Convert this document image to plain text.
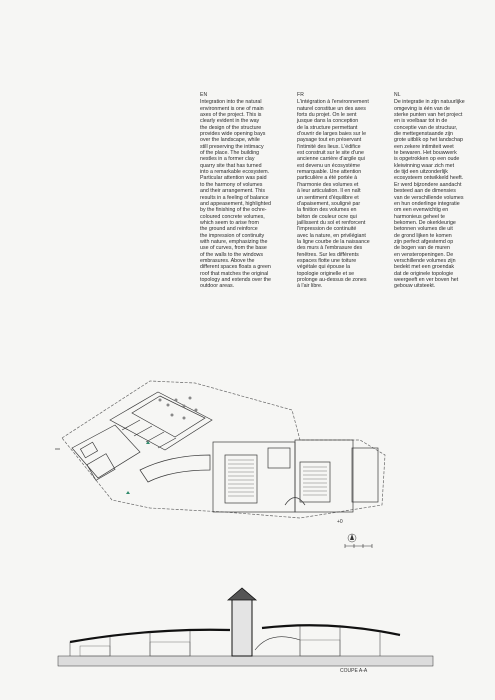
EN

Integration into the natural
environment is one of main
axes of the project. This is
clearly evident in the way
the design of the structure
provides wide opening bays
over the landscape, while
still preserving the intimacy
of the place. The building
nestles in a former clay
quarry site that has turned
into a remarkable ecosystem.
Particular attention was paid
to the harmony of volumes
and their arrangement. This
results in a feeling of balance
and appeasement, highlighted
by the finishing of the ochre-
coloured concrete volumes,
which seem to arise from
the ground and reinforce
the impression of continuity
with nature, emphasizing the
use of curves, from the base
of the walls to the windows
embrasures. Above the
different spaces floats a green
roof that matches the original
topology and extends over the
outdoor areas.

FR

L'intégration à l'environnement
naturel constitue un des axes
forts du projet. On le sent
jusque dans la conception
de la structure permettant
d'ouvrir de larges baies sur le
paysage tout en préservant
l'intimité des lieux. L'édifice
est construit sur le site d'une
ancienne carrière d'argile qui
est devenu un écosystème
remarquable. Une attention
particulière a été portée à
l'harmonie des volumes et
à leur articulation. Il en naît
un sentiment d'équilibre et
d'apaisement, souligné par
la finition des volumes en
béton de couleur ocre qui
jaillissent du sol et renforcent
l'impression de continuité
avec la nature, en privilégiant
la ligne courbe de la naissance
des murs à l'embrasure des
fenêtres. Sur les différents
espaces flotte une toiture
végétale qui épouse la
topologie originelle et se
prolonge au-dessus de zones
à l'air libre.

NL

De integratie in zijn natuurlijke
omgeving is één van de
sterke punten van het project
en is voelbaar tot in de
conceptie van de structuur,
die mettegenstaande zijn
grote uitblik op het landschap
een zekere intimiteit weet
te bewaren. Het bouwwerk
is opgetrokken op een oude
kleiwinning waar zich met
de tijd een uitzonderlijk
ecosysteem ontwikkeld heeft.
Er werd bijzondere aandacht
besteed aan de dimensies
van de verschillende volumes
en hun onderlinge integratie
om een evenwichtig en
harmonieus geheel te
bekomen. De okerkleurige
betonnen volumes die uit
de grond lijken te komen
zijn perfect afgestemd op
de bogen van de muren
en vensteropeningen. De
verschillende volumes zijn
bedekt met een groendak
dat de originele topologie
weergeeft en ver boven het
gebouw uitsteekt.

+0
COUPE A-A
